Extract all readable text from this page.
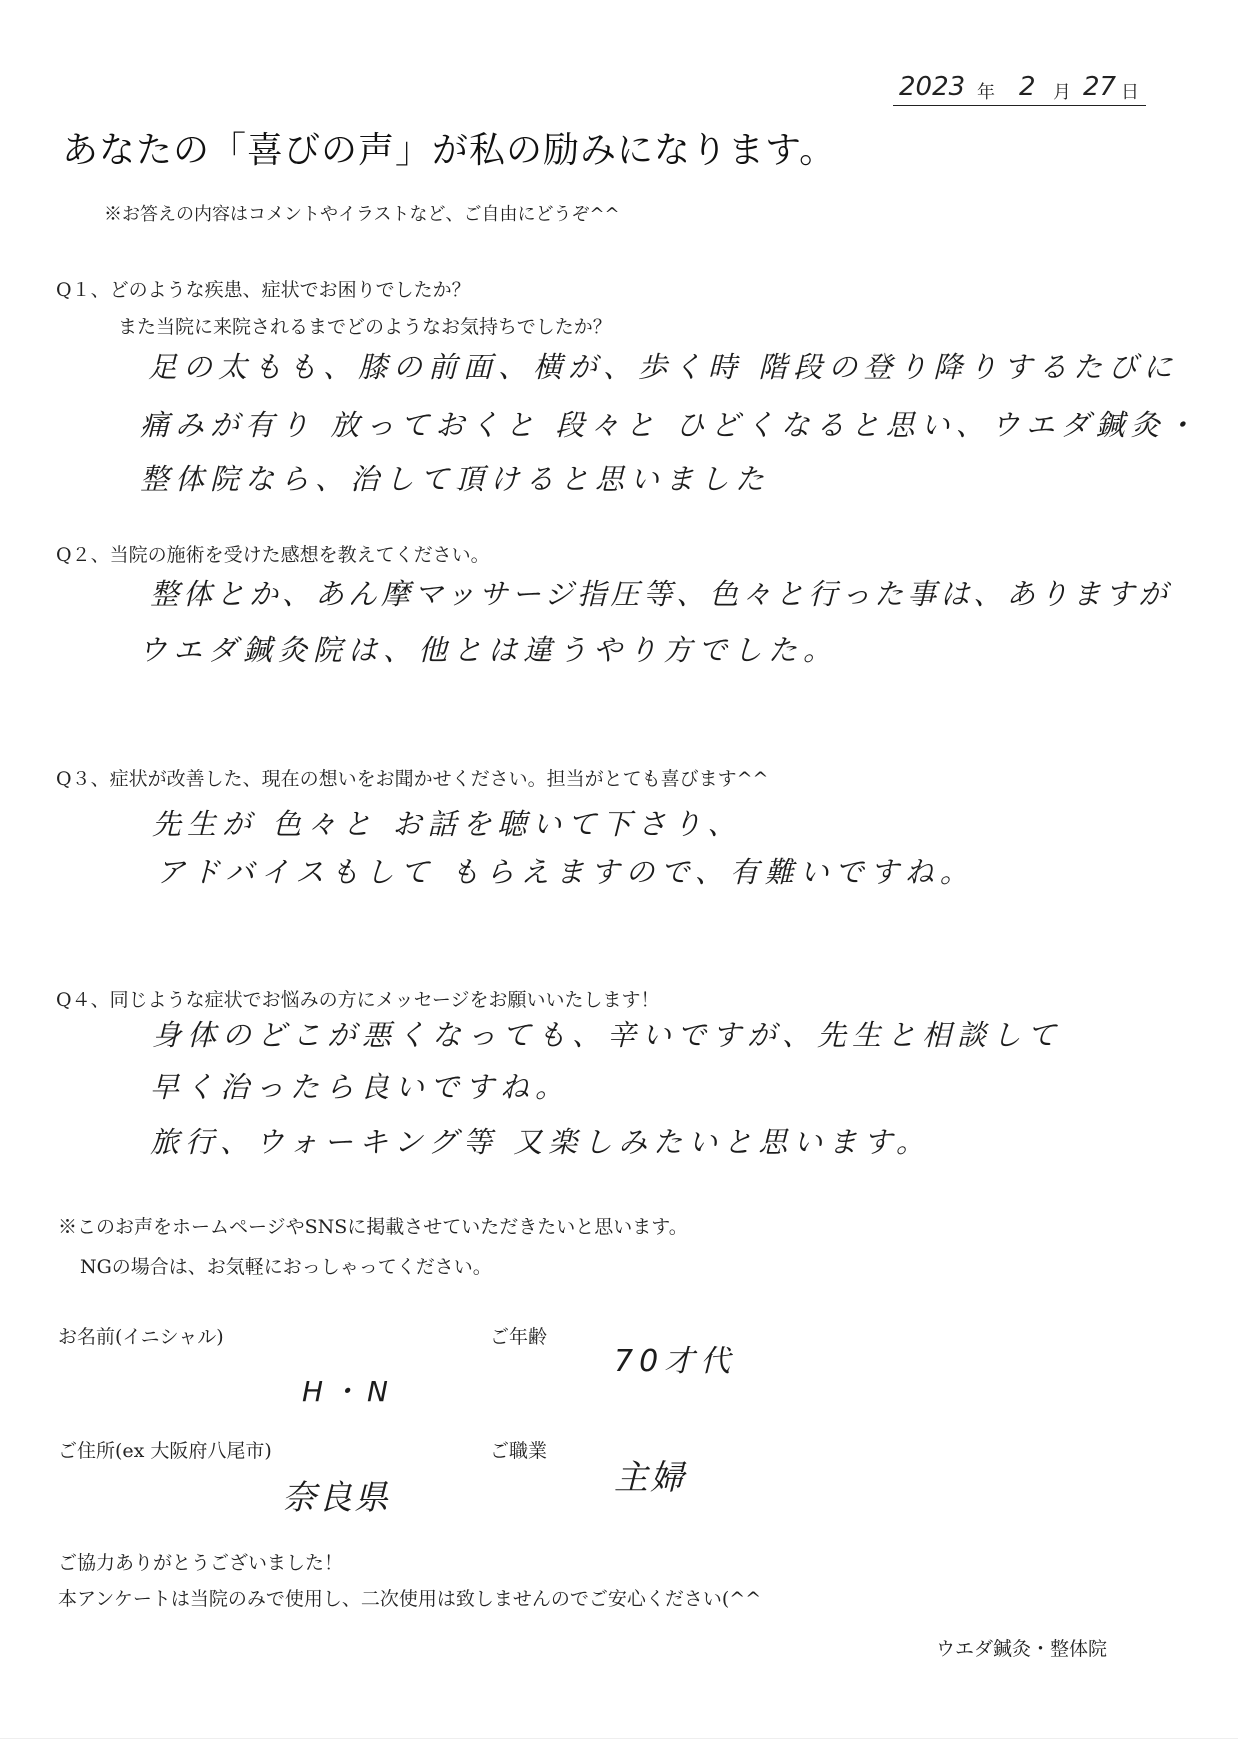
2023 年 2 月 27 日
あなたの「喜びの声」が私の励みになります。
※お答えの内容はコメントやイラストなど、ご自由にどうぞ^^
Q１、どのような疾患、症状でお困りでしたか？
また当院に来院されるまでどのようなお気持ちでしたか？
足の太もも、膝の前面、横が、歩く時 階段の登り降りするたびに
痛みが有り 放っておくと 段々と ひどくなると思い、ウエダ鍼灸・
整体院なら、治して頂けると思いました
Q２、当院の施術を受けた感想を教えてください。
整体とか、あん摩マッサージ指圧等、色々と行った事は、ありますが
ウエダ鍼灸院は、他とは違うやり方でした。
Q３、症状が改善した、現在の想いをお聞かせください。担当がとても喜びます^^
先生が 色々と お話を聴いて下さり、
アドバイスもして もらえますので、有難いですね。
Q４、同じような症状でお悩みの方にメッセージをお願いいたします！
身体のどこが悪くなっても、辛いですが、先生と相談して
早く治ったら良いですね。
旅行、ウォーキング等 又楽しみたいと思います。
※このお声をホームページやSNSに掲載させていただきたいと思います。
NGの場合は、お気軽におっしゃってください。
お名前(イニシャル)
H・N
ご年齢
70才代
ご住所(ex 大阪府八尾市)
奈良県
ご職業
主婦
ご協力ありがとうございました！
本アンケートは当院のみで使用し、二次使用は致しませんのでご安心ください(^^
ウエダ鍼灸・整体院
